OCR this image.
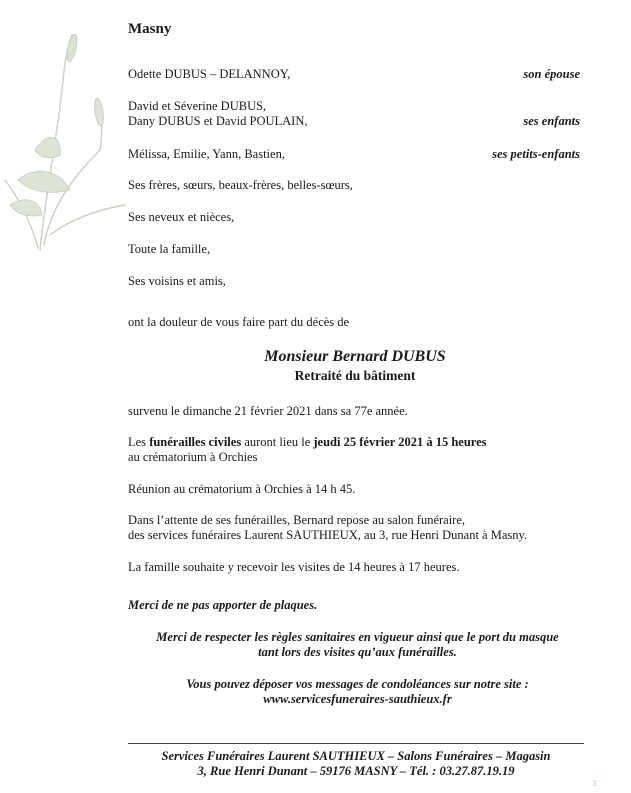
Masny
Odette DUBUS – DELANNOY,	son épouse
David et Séverine DUBUS,
Dany DUBUS et David POULAIN,	ses enfants
Mélissa, Emilie, Yann, Bastien,	ses petits-enfants
Ses frères, sœurs, beaux-frères, belles-sœurs,
Ses neveux et nièces,
Toute la famille,
Ses voisins et amis,
ont la douleur de vous faire part du décès de
Monsieur Bernard DUBUS
Retraité du bâtiment
survenu le dimanche 21 février 2021 dans sa 77e année.
Les funérailles civiles auront lieu le jeudi 25 février 2021 à 15 heures
au crématorium à Orchies
Réunion au crématorium à Orchies à 14 h 45.
Dans l’attente de ses funérailles, Bernard repose au salon funéraire,
des services funéraires Laurent SAUTHIEUX, au 3, rue Henri Dunant à Masny.
La famille souhaite y recevoir les visites de 14 heures à 17 heures.
Merci de ne pas apporter de plaques.
Merci de respecter les règles sanitaires en vigueur ainsi que le port du masque
tant lors des visites qu’aux funérailles.
Vous pouvez déposer vos messages de condoléances sur notre site :
www.servicesfuneraires-sauthieux.fr
Services Funéraires Laurent SAUTHIEUX – Salons Funéraires – Magasin
3, Rue Henri Dunant – 59176 MASNY – Tél. : 03.27.87.19.19
3
